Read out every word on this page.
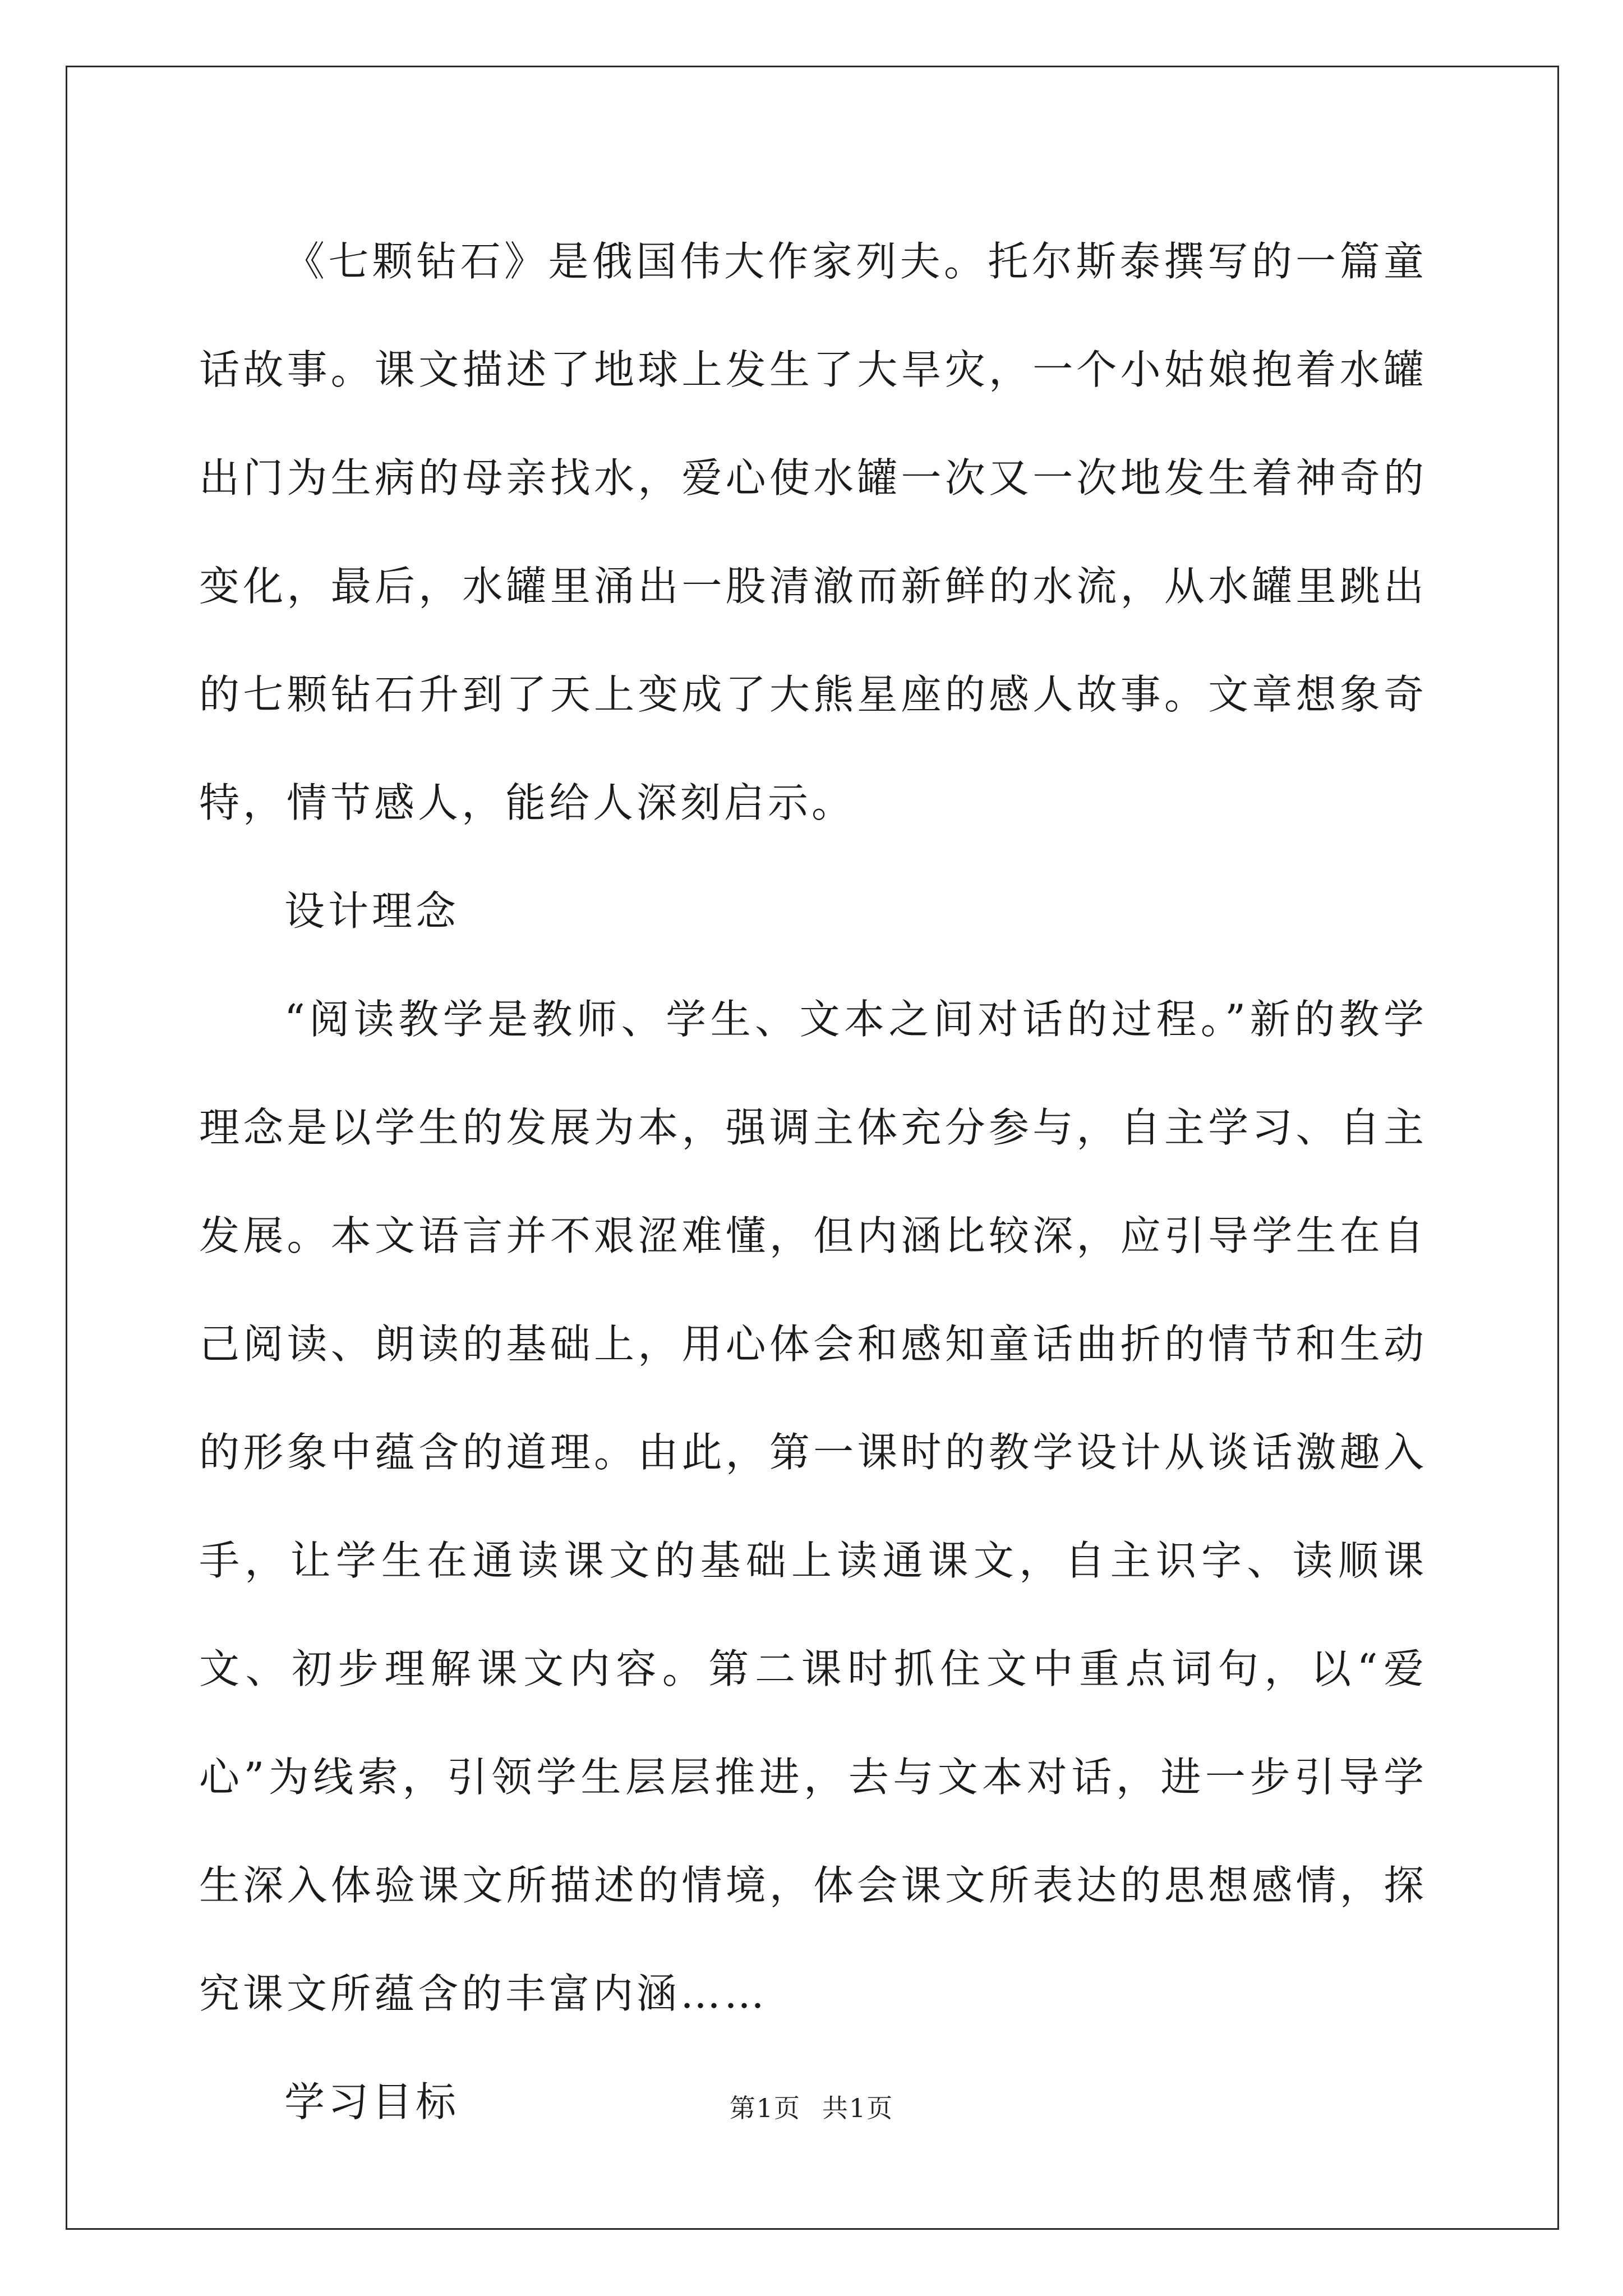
《七颗钻石》是俄国伟大作家列夫。托尔斯泰撰写的一篇童话故事。课文描述了地球上发生了大旱灾，一个小姑娘抱着水罐出门为生病的母亲找水，爱心使水罐一次又一次地发生着神奇的变化，最后，水罐里涌出一股清澈而新鲜的水流，从水罐里跳出的七颗钻石升到了天上变成了大熊星座的感人故事。文章想象奇特，情节感人，能给人深刻启示。

设计理念

“阅读教学是教师、学生、文本之间对话的过程。”新的教学理念是以学生的发展为本，强调主体充分参与，自主学习、自主发展。本文语言并不艰涩难懂，但内涵比较深，应引导学生在自己阅读、朗读的基础上，用心体会和感知童话曲折的情节和生动的形象中蕴含的道理。由此，第一课时的教学设计从谈话激趣入手，让学生在通读课文的基础上读通课文，自主识字、读顺课文、初步理解课文内容。第二课时抓住文中重点词句，以“爱心”为线索，引领学生层层推进，去与文本对话，进一步引导学生深入体验课文所描述的情境，体会课文所表达的思想感情，探究课文所蕴含的丰富内涵……

学习目标	第1页 共1页
